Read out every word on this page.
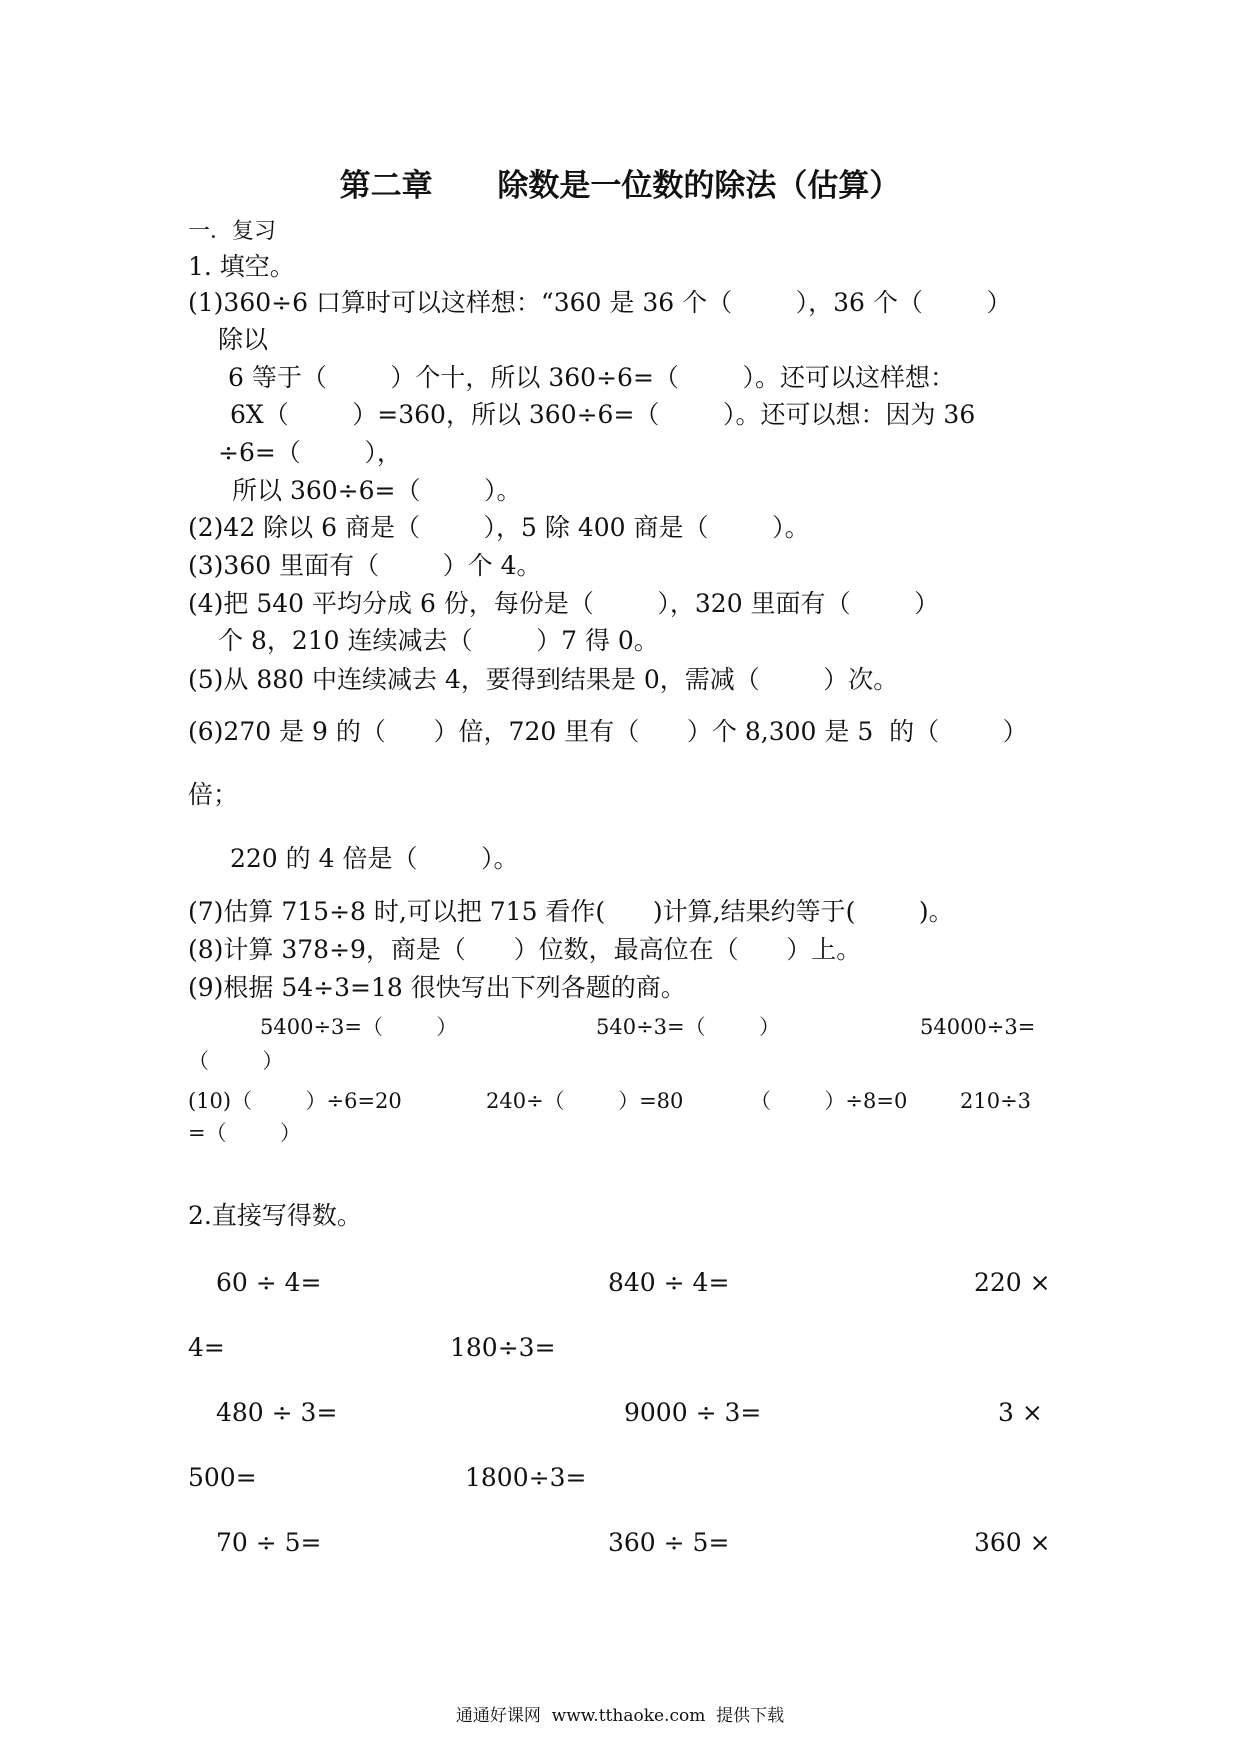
第二章      除数是一位数的除法（估算）
一．复习
1. 填空。
(1)360÷6 口算时可以这样想：“360 是 36 个（        ），36 个（        ）
除以
6 等于（        ）个十，所以 360÷6=（        ）。还可以这样想：
6X（        ）=360，所以 360÷6=（        ）。还可以想：因为 36
÷6=（        ），
所以 360÷6=（        ）。
(2)42 除以 6 商是（        ），5 除 400 商是（        ）。
(3)360 里面有（        ）个 4。
(4)把 540 平均分成 6 份，每份是（        ），320 里面有（        ）
个 8，210 连续减去（        ）7 得 0。
(5)从 880 中连续减去 4，要得到结果是 0，需减（        ）次。
(6)270 是 9 的（      ）倍，720 里有（      ）个 8,300 是 5  的（        ）
倍；
220 的 4 倍是（        ）。
(7)估算 715÷8 时,可以把 715 看作(      )计算,结果约等于(        )。
(8)计算 378÷9，商是（      ）位数，最高位在（      ）上。
(9)根据 54÷3=18 很快写出下列各题的商。
5400÷3=（        ）	540÷3=（        ）	54000÷3=
（        ）
(10)（        ）÷6=20	240÷（        ）=80	（        ）÷8=0	210÷3
=（        ）
2.直接写得数。
60 ÷ 4=	840 ÷ 4=	220 ×
4=	180÷3=
480 ÷ 3=	9000 ÷ 3=	3 ×
500=	1800÷3=
70 ÷ 5=	360 ÷ 5=	360 ×
通通好课网  www.tthaoke.com  提供下载
